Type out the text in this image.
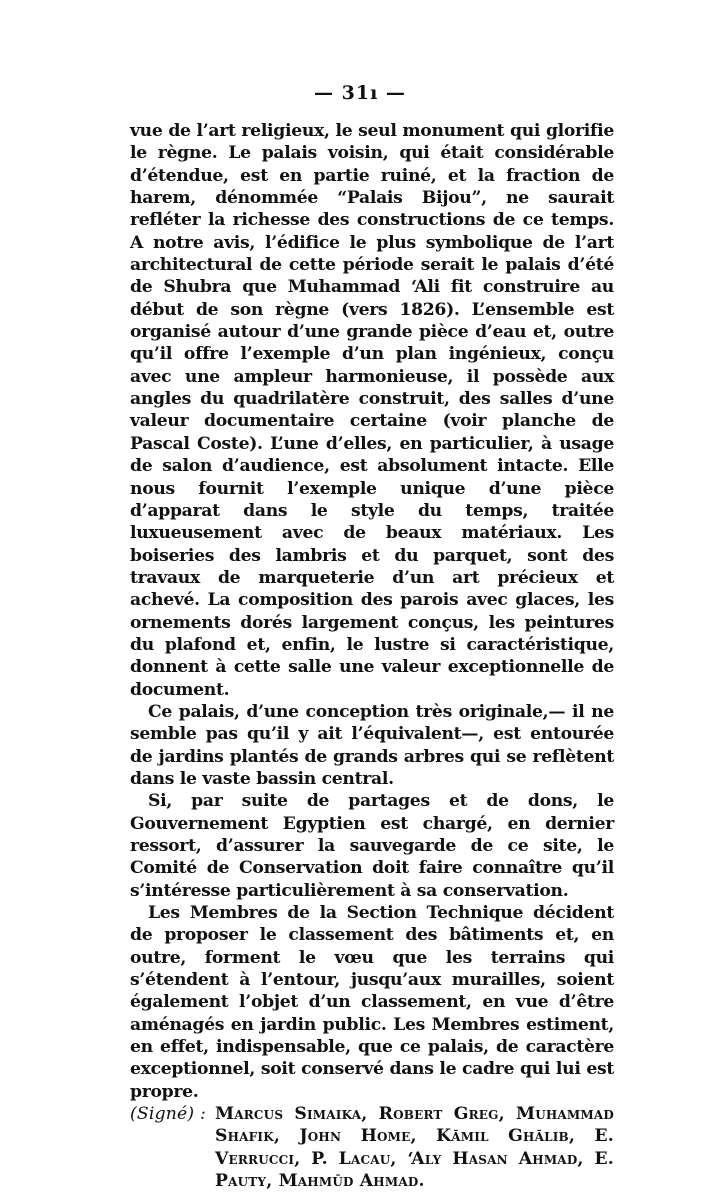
— 31ı —

vue de l’art religieux, le seul monument qui glorifie le règne. Le palais voisin, qui était considérable d’étendue, est en partie ruiné, et la fraction de harem, dénommée “Palais Bijou”, ne saurait refléter la richesse des constructions de ce temps. A notre avis, l’édifice le plus symbolique de l’art architectural de cette période serait le palais d’été de Shubra que Muhammad ‘Ali fit construire au début de son règne (vers 1826). L’ensemble est organisé autour d’une grande pièce d’eau et, outre qu’il offre l’exemple d’un plan ingénieux, conçu avec une ampleur harmonieuse, il possède aux angles du quadrilatère construit, des salles d’une valeur documentaire certaine (voir planche de Pascal Coste). L’une d’elles, en particulier, à usage de salon d’audience, est absolument intacte. Elle nous fournit l’exemple unique d’une pièce d’apparat dans le style du temps, traitée luxueusement avec de beaux matériaux. Les boiseries des lambris et du parquet, sont des travaux de marqueterie d’un art précieux et achevé. La composition des parois avec glaces, les ornements dorés largement conçus, les peintures du plafond et, enfin, le lustre si caractéristique, donnent à cette salle une valeur exceptionnelle de document.

Ce palais, d’une conception très originale,— il ne semble pas qu’il y ait l’équivalent—, est entourée de jardins plantés de grands arbres qui se reflètent dans le vaste bassin central.

Si, par suite de partages et de dons, le Gouvernement Egyptien est chargé, en dernier ressort, d’assurer la sauvegarde de ce site, le Comité de Conservation doit faire connaître qu’il s’intéresse particulièrement à sa conservation.

Les Membres de la Section Technique décident de proposer le classement des bâtiments et, en outre, forment le vœu que les terrains qui s’étendent à l’entour, jusqu’aux murailles, soient également l’objet d’un classement, en vue d’être aménagés en jardin public. Les Membres estiment, en effet, indispensable, que ce palais, de caractère exceptionnel, soit conservé dans le cadre qui lui est propre.

(Signé) : Marcus Simaika, Robert Greg, Muhammad Shafik, John Home, Kāmil Ghālib, E. Verrucci, P. Lacau, ‘Aly Hasan Ahmad, E. Pauty, Mahmūd Ahmad.
